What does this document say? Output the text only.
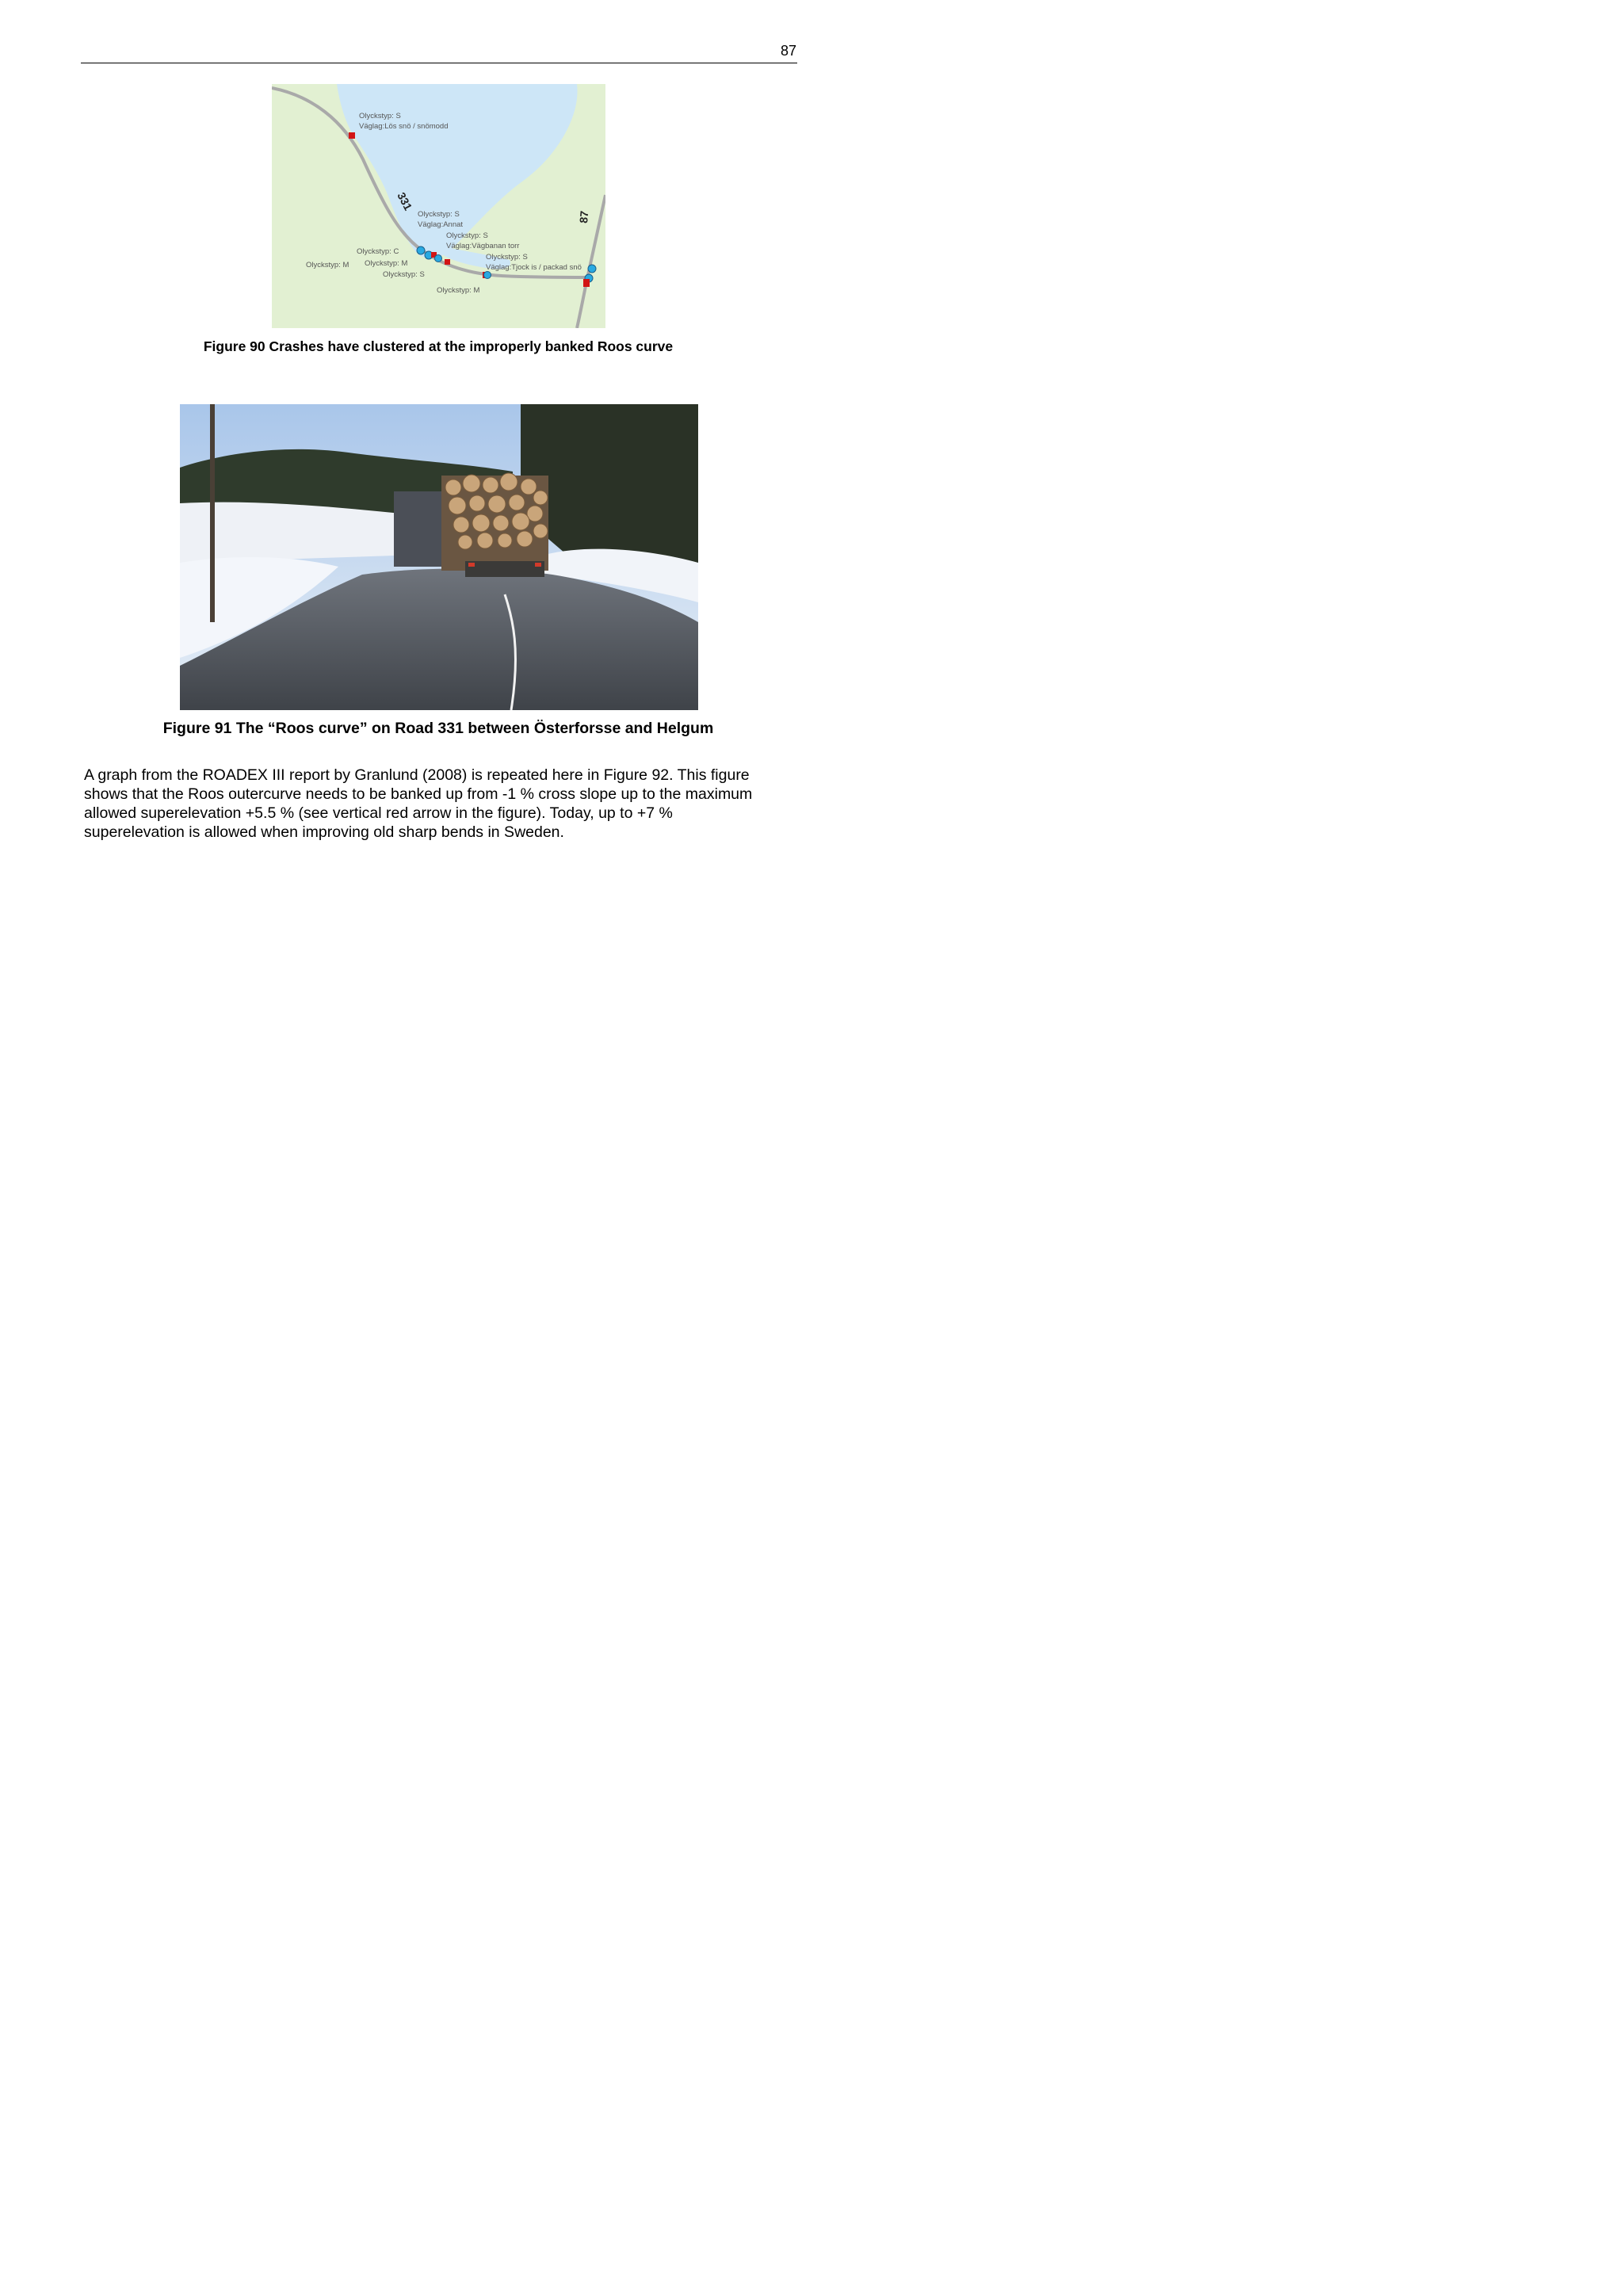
87
331
87
Olyckstyp: S
Väglag:Lös snö / snömodd
Olyckstyp: S
Väglag:Annat
Olyckstyp: S
Väglag:Vägbanan torr
Olyckstyp: C
Olyckstyp: M Olyckstyp: M
Olyckstyp: S
Olyckstyp: S
Väglag:Tjock is / packad snö
Olyckstyp: M
Figure 90 Crashes have clustered at the improperly banked Roos curve
Figure 91 The “Roos curve” on Road 331 between Österforsse and Helgum

A graph from the ROADEX III report by Granlund (2008) is repeated here in Figure 92. This figure
shows that the Roos outercurve needs to be banked up from -1 % cross slope up to the maximum
allowed superelevation +5.5 % (see vertical red arrow in the figure). Today, up to +7 %
superelevation is allowed when improving old sharp bends in Sweden.
